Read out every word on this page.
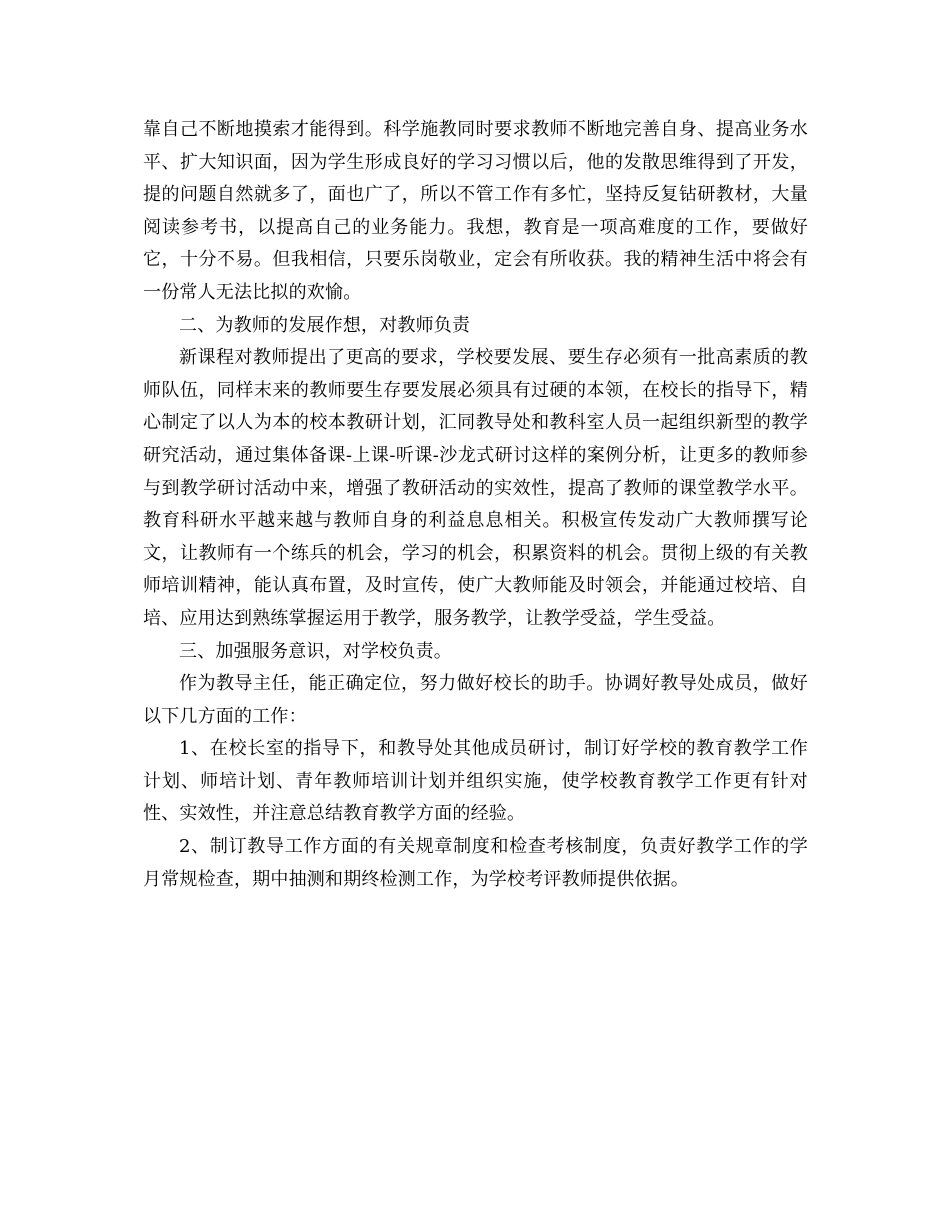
靠自己不断地摸索才能得到。科学施教同时要求教师不断地完善自身、提高业务水平、扩大知识面，因为学生形成良好的学习习惯以后，他的发散思维得到了开发，提的问题自然就多了，面也广了，所以不管工作有多忙，坚持反复钻研教材，大量阅读参考书，以提高自己的业务能力。我想，教育是一项高难度的工作，要做好它，十分不易。但我相信，只要乐岗敬业，定会有所收获。我的精神生活中将会有一份常人无法比拟的欢愉。

二、为教师的发展作想，对教师负责

新课程对教师提出了更高的要求，学校要发展、要生存必须有一批高素质的教师队伍，同样末来的教师要生存要发展必须具有过硬的本领，在校长的指导下，精心制定了以人为本的校本教研计划，汇同教导处和教科室人员一起组织新型的教学研究活动，通过集体备课-上课-听课-沙龙式研讨这样的案例分析，让更多的教师参与到教学研讨活动中来，增强了教研活动的实效性，提高了教师的课堂教学水平。教育科研水平越来越与教师自身的利益息息相关。积极宣传发动广大教师撰写论文，让教师有一个练兵的机会，学习的机会，积累资料的机会。贯彻上级的有关教师培训精神，能认真布置，及时宣传，使广大教师能及时领会，并能通过校培、自培、应用达到熟练掌握运用于教学，服务教学，让教学受益，学生受益。

三、加强服务意识，对学校负责。

作为教导主任，能正确定位，努力做好校长的助手。协调好教导处成员，做好以下几方面的工作：

1、在校长室的指导下，和教导处其他成员研讨，制订好学校的教育教学工作计划、师培计划、青年教师培训计划并组织实施，使学校教育教学工作更有针对性、实效性，并注意总结教育教学方面的经验。

2、制订教导工作方面的有关规章制度和检查考核制度，负责好教学工作的学月常规检查，期中抽测和期终检测工作，为学校考评教师提供依据。
